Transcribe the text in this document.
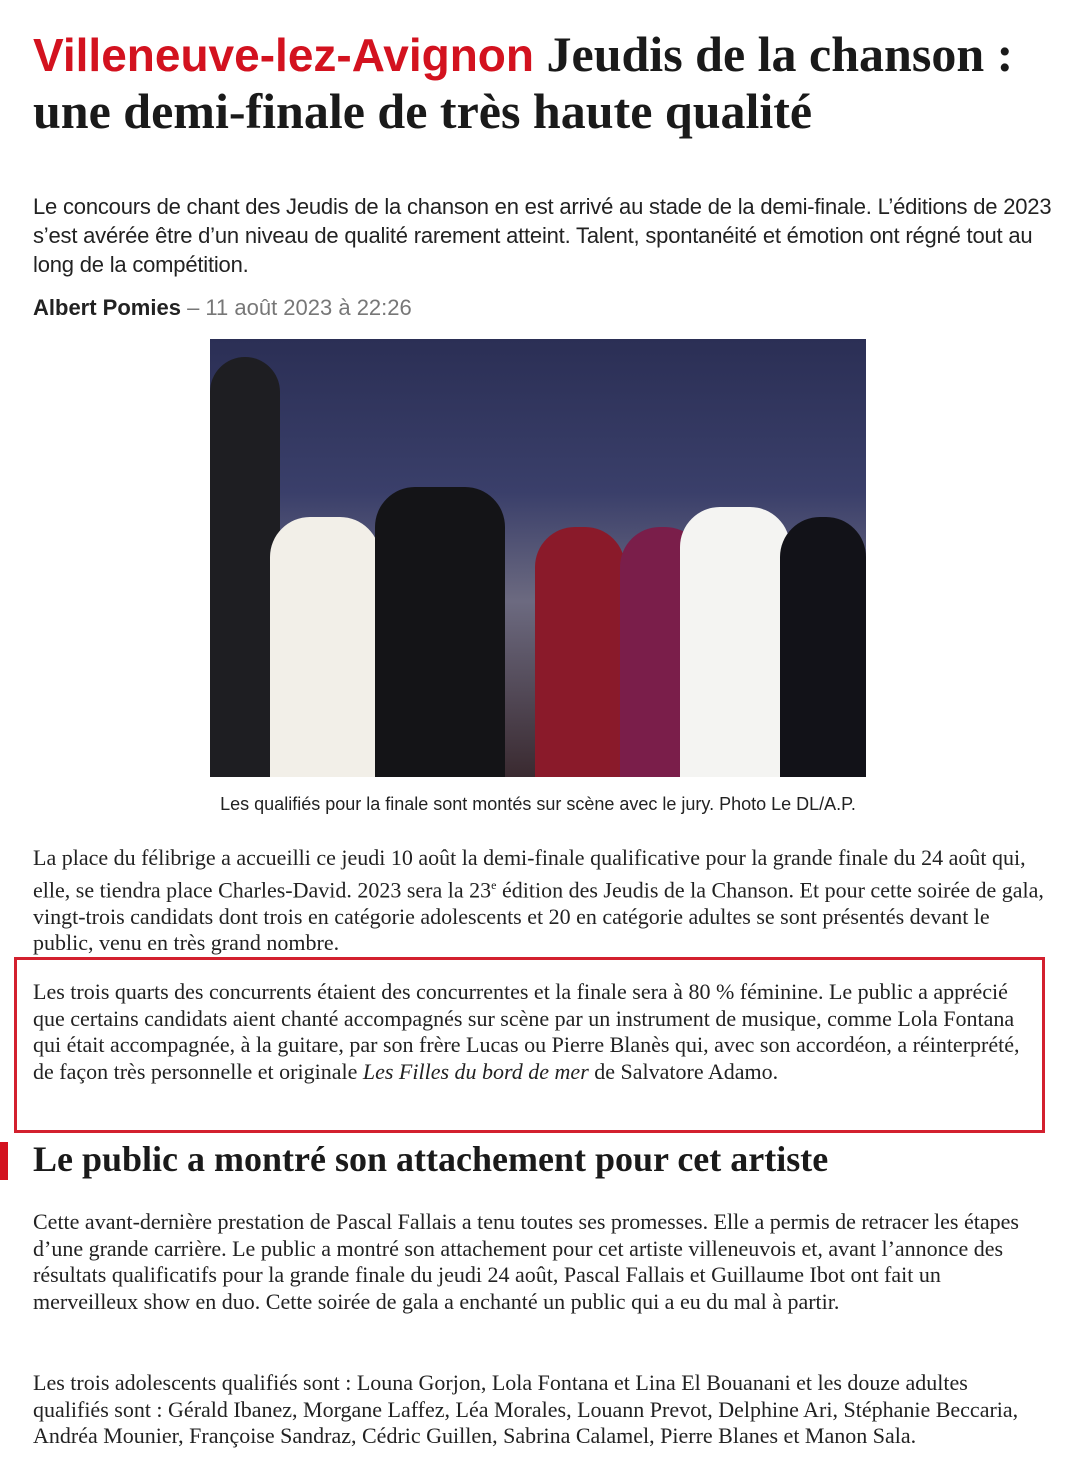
Villeneuve-lez-Avignon Jeudis de la chanson : une demi-finale de très haute qualité

Le concours de chant des Jeudis de la chanson en est arrivé au stade de la demi-finale. L’éditions de 2023 s’est avérée être d’un niveau de qualité rarement atteint. Talent, spontanéité et émotion ont régné tout au long de la compétition.

Albert Pomies – 11 août 2023 à 22:26
Les qualifiés pour la finale sont montés sur scène avec le jury. Photo Le DL/A.P.

La place du félibrige a accueilli ce jeudi 10 août la demi-finale qualificative pour la grande finale du 24 août qui, elle, se tiendra place Charles-David. 2023 sera la 23e édition des Jeudis de la Chanson. Et pour cette soirée de gala, vingt-trois candidats dont trois en catégorie adolescents et 20 en catégorie adultes se sont présentés devant le public, venu en très grand nombre.

Les trois quarts des concurrents étaient des concurrentes et la finale sera à 80 % féminine. Le public a apprécié que certains candidats aient chanté accompagnés sur scène par un instrument de musique, comme Lola Fontana qui était accompagnée, à la guitare, par son frère Lucas ou Pierre Blanès qui, avec son accordéon, a réinterprété, de façon très personnelle et originale Les Filles du bord de mer de Salvatore Adamo.

Le public a montré son attachement pour cet artiste

Cette avant-dernière prestation de Pascal Fallais a tenu toutes ses promesses. Elle a permis de retracer les étapes d’une grande carrière. Le public a montré son attachement pour cet artiste villeneuvois et, avant l’annonce des résultats qualificatifs pour la grande finale du jeudi 24 août, Pascal Fallais et Guillaume Ibot ont fait un merveilleux show en duo. Cette soirée de gala a enchanté un public qui a eu du mal à partir.

Les trois adolescents qualifiés sont : Louna Gorjon, Lola Fontana et Lina El Bouanani et les douze adultes qualifiés sont : Gérald Ibanez, Morgane Laffez, Léa Morales, Louann Prevot, Delphine Ari, Stéphanie Beccaria, Andréa Mounier, Françoise Sandraz, Cédric Guillen, Sabrina Calamel, Pierre Blanes et Manon Sala.
